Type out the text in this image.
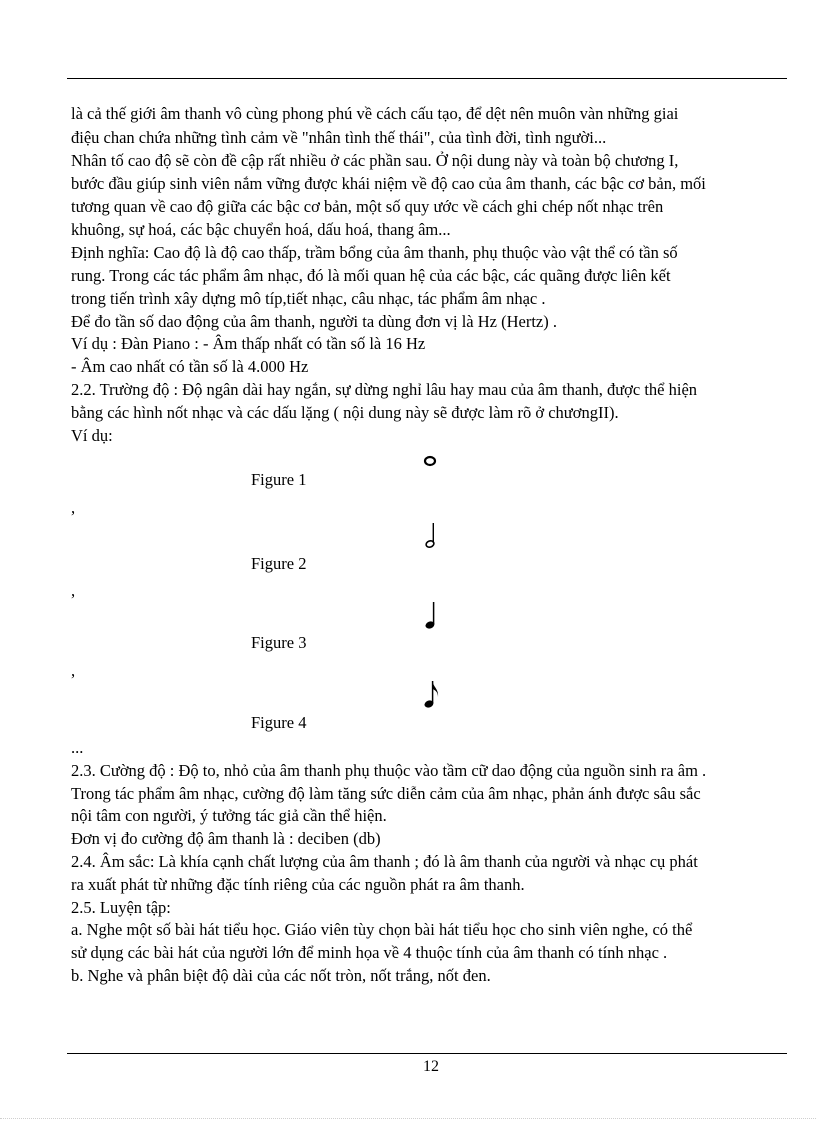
là cả thế giới âm thanh vô cùng phong phú về cách cấu tạo, để dệt nên muôn vàn những giai
điệu chan chứa những tình cảm về "nhân tình thế thái", của tình đời, tình người...
Nhân tố cao độ sẽ còn đề cập rất nhiều ở các phần sau. Ở nội dung này và toàn bộ chương I,
bước đầu giúp sinh viên nắm vững được khái niệm về độ cao của âm thanh, các bậc cơ bản, mối
tương quan về cao độ giữa các bậc cơ bản, một số quy ước về cách ghi chép nốt nhạc trên
khuông, sự hoá, các bậc chuyển hoá, dấu hoá, thang âm...
Định nghĩa: Cao độ là độ cao thấp, trầm bổng của âm thanh, phụ thuộc vào vật thể có tần số
rung. Trong các tác phẩm âm nhạc, đó là mối quan hệ của các bậc, các quãng được liên kết
trong tiến trình xây dựng mô típ,tiết nhạc, câu nhạc, tác phẩm âm nhạc .
Để đo tần số dao động của âm thanh, người ta dùng đơn vị là Hz (Hertz) .
Ví dụ : Đàn Piano : - Âm thấp nhất có tần số là 16 Hz
- Âm cao nhất có tần số là 4.000 Hz
2.2. Trường độ : Độ ngân dài hay ngắn, sự dừng nghỉ lâu hay mau của âm thanh, được thể hiện
bằng các hình nốt nhạc và các dấu lặng ( nội dung này sẽ được làm rõ ở chươngII).
Ví dụ:
Figure 1
,
Figure 2
,
Figure 3
,
Figure 4
...
2.3. Cường độ : Độ to, nhỏ của âm thanh phụ thuộc vào tầm cữ dao động của nguồn sinh ra âm .
Trong tác phẩm âm nhạc, cường độ làm tăng sức diễn cảm của âm nhạc, phản ánh được sâu sắc
nội tâm con người, ý tưởng tác giả cần thể hiện.
Đơn vị đo cường độ âm thanh là : deciben (db)
2.4. Âm sắc: Là khía cạnh chất lượng của âm thanh ; đó là âm thanh của người và nhạc cụ phát
ra xuất phát từ những đặc tính riêng của các nguồn phát ra âm thanh.
2.5. Luyện tập:
a. Nghe một số bài hát tiểu học. Giáo viên tùy chọn bài hát tiểu học cho sinh viên nghe, có thể
sử dụng các bài hát của người lớn để minh họa về 4 thuộc tính của âm thanh có tính nhạc .
b. Nghe và phân biệt độ dài của các nốt tròn, nốt trắng, nốt đen.
12
